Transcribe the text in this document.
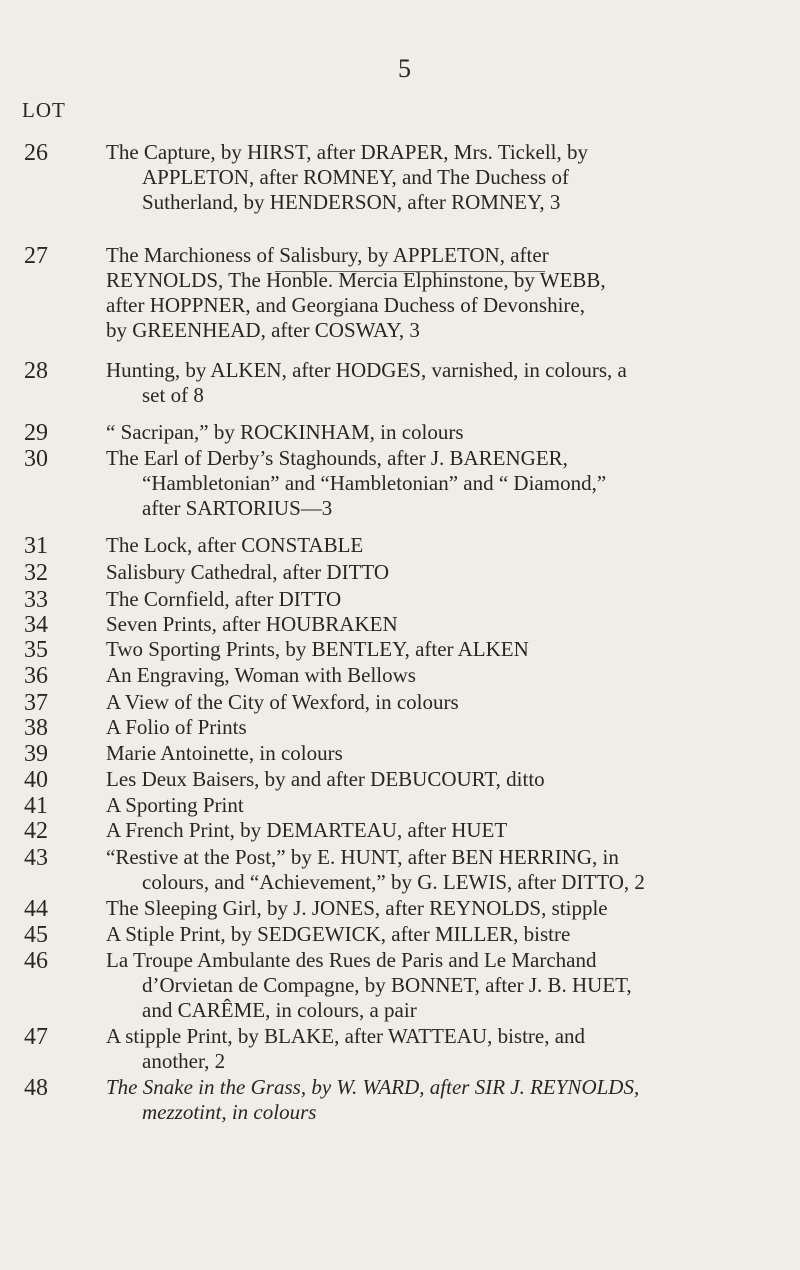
5
LOT
26	The Capture, by HIRST, after DRAPER, Mrs. Tickell, by
APPLETON, after ROMNEY, and The Duchess of
Sutherland, by HENDERSON, after ROMNEY, 3
27	The Marchioness of Salisbury, by APPLETON, after
REYNOLDS, The Honble. Mercia Elphinstone, by WEBB,
after HOPPNER, and Georgiana Duchess of Devonshire,
by GREENHEAD, after COSWAY, 3
28	Hunting, by ALKEN, after HODGES, varnished, in colours, a
set of 8
29	“ Sacripan,” by ROCKINHAM, in colours
30	The Earl of Derby’s Staghounds, after J. BARENGER,
“Hambletonian” and “Hambletonian” and “ Diamond,”
after SARTORIUS—3
31	The Lock, after CONSTABLE
32	Salisbury Cathedral, after DITTO
33	The Cornfield, after DITTO
34	Seven Prints, after HOUBRAKEN
35	Two Sporting Prints, by BENTLEY, after ALKEN
36	An Engraving, Woman with Bellows
37	A View of the City of Wexford, in colours
38	A Folio of Prints
39	Marie Antoinette, in colours
40	Les Deux Baisers, by and after DEBUCOURT, ditto
41	A Sporting Print
42	A French Print, by DEMARTEAU, after HUET
43	“Restive at the Post,” by E. HUNT, after BEN HERRING, in
colours, and “Achievement,” by G. LEWIS, after DITTO, 2
44	The Sleeping Girl, by J. JONES, after REYNOLDS, stipple
45	A Stiple Print, by SEDGEWICK, after MILLER, bistre
46	La Troupe Ambulante des Rues de Paris and Le Marchand
d’Orvietan de Compagne, by BONNET, after J. B. HUET,
and CARÊME, in colours, a pair
47	A stipple Print, by BLAKE, after WATTEAU, bistre, and
another, 2
48	The Snake in the Grass, by W. WARD, after SIR J. REYNOLDS,
mezzotint, in colours
